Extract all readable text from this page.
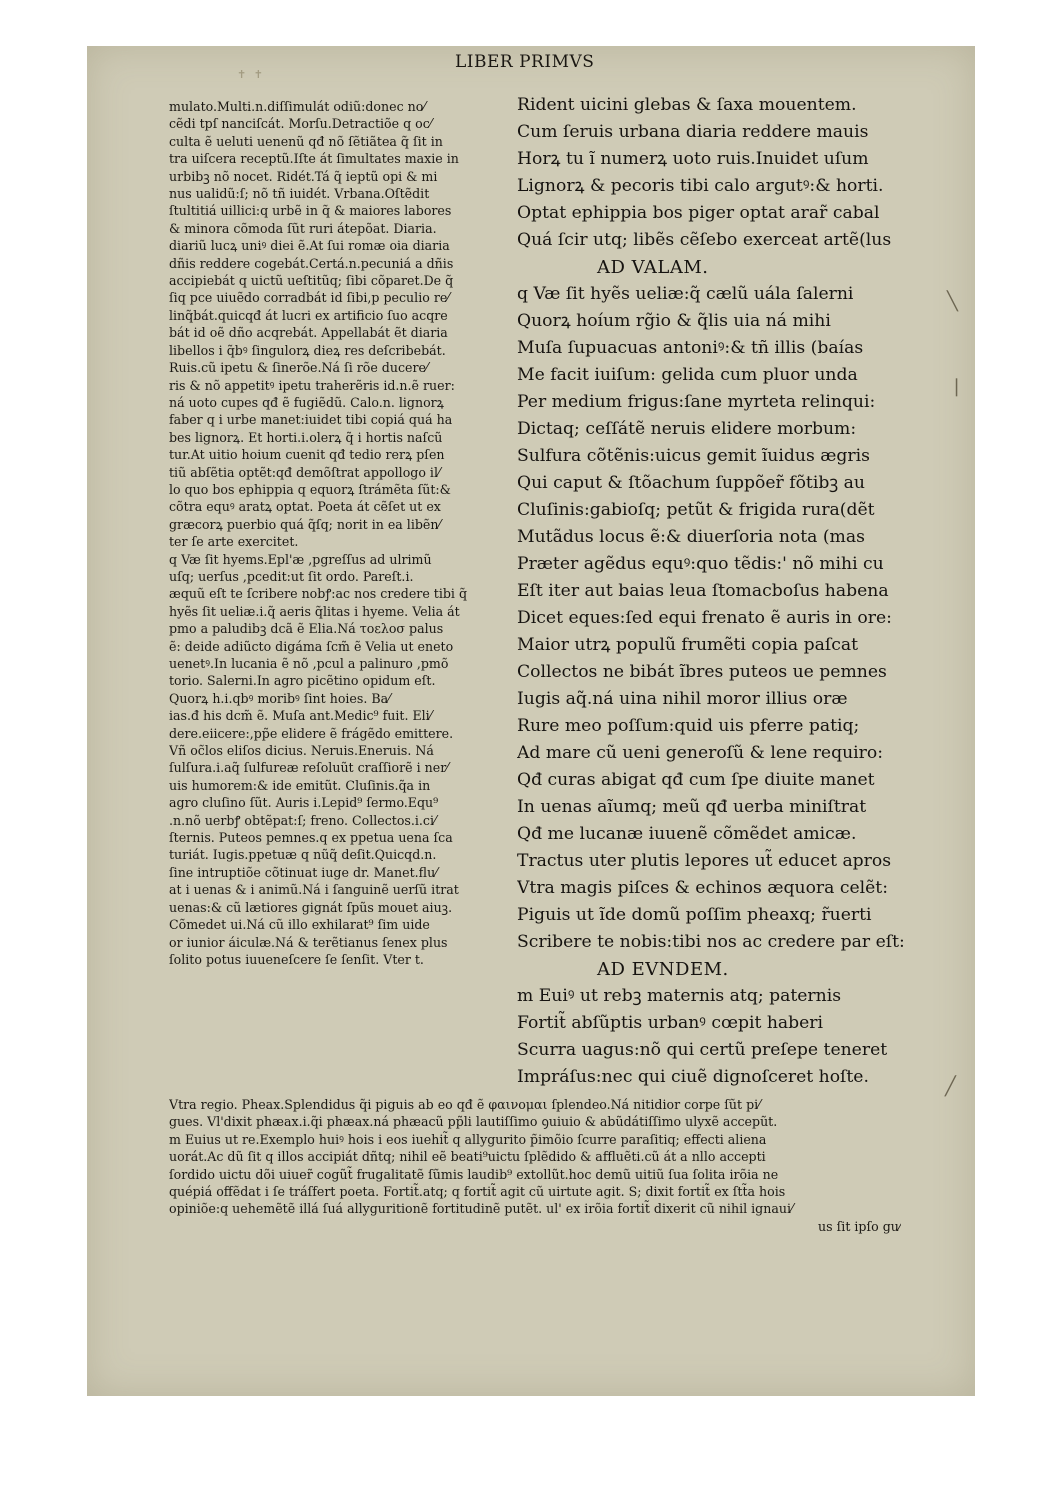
✝ ✝
LIBER PRIMVS
mulato.Multi.n.diſſimulát odiũ:donec no⁄
cẽdi tpſ nanciſcát. Morſu.Detractiõe q oc⁄
culta ẽ ueluti uenenũ qđ nõ ſẽtiãtea q̃ ſit in
tra uiſcera receptũ.Iſte át ſimultates maxie in
urbibꝫ nõ nocet. Ridét.Tá q̃ ieptũ opi & mi
nus ualidũ:ſ; nõ tñ iuidét. Vrbana.Oſtẽdit
ſtultitiá uillici:q urbẽ in q̃ & maiores labores
& minora cõmoda ſũt ruri átepõat. Diaria.
diariũ lucꝝ uniꝰ diei ẽ.At ſui romæ oia diaria
dñis reddere cogebát.Certá.n.pecuniá a dñis
accipiebát q uictũ ueſtitũq; ſibi cõparet.De q̃
ſiq pce uiuẽdo corradbát id ſibi,p peculio re⁄
linq̃bát.quicqđ át lucri ex artificio ſuo acqre
bát id oẽ dño acqrebát. Appellabát ẽt diaria
libellos i q̃bꝰ ſingulorꝝ dieꝝ res deſcribebát.
Ruis.cũ ipetu & ſinerõe.Ná ſi rõe ducere⁄
ris & nõ appetitꝰ ipetu traherẽris id.n.ẽ ruer:
ná uoto cupes qđ ẽ fugiẽdũ. Calo.n. lignorꝝ
faber q i urbe manet:iuidet tibi copiá quá ha
bes lignorꝝ. Et horti.i.olerꝝ q̃ i hortis naſcũ
tur.At uitio hoium cuenit qđ tedio rerꝝ pſen
tiũ abſẽtia optẽt:qđ demõſtrat appollogo il⁄
lo quo bos ephippia q equorꝝ ſtrámẽta ſũt:&
cõtra equꝰ aratꝝ optat. Poeta át cẽſet ut ex
græcorꝝ puerbio quá q̃ſq; norit in ea libẽn⁄
ter ſe arte exercitet.
q Væ ſit hyems.Epl'æ ,pgreſſus ad ulrimũ
uſq; uerſus ,pcedit:ut ſit ordo. Pareſt.i.
æquũ eſt te ſcribere nobꝭ:ac nos credere tibi q̃
hyẽs ſit ueliæ.i.q̃ aeris q̃litas i hyeme. Velia át
pmo a paludibꝫ dcã ẽ Elia.Ná τοελοσ palus
ẽ: deide adiũcto digáma ſcm̃ ẽ Velia ut eneto
uenetꝰ.In lucania ẽ nõ ,pcul a palinuro ,pmõ
torio. Salerni.In agro picẽtino opidum eſt.
Quorꝝ h.i.qbꝰ moribꝰ ſint hoies. Ba⁄
ias.đ his dcm̃ ẽ. Muſa ant.Medic⁹ fuit. Eli⁄
dere.eiicere:,pp̃e elidere ẽ frágẽdo emittere.
Vñ oc̃los eliſos dicius. Neruis.Eneruis. Ná
ſulſura.i.aq̃ ſulfureæ reſoluũt craſſiorẽ i ner⁄
uis humorem:& ide emitũt. Cluſinis.q̃a in
agro cluſino ſũt. Auris i.Lepid⁹ ſermo.Equ⁹
.n.nõ uerbꝭ obtẽpat:ſ; freno. Collectos.i.ci⁄
ſternis. Puteos pemnes.q ex ppetua uena ſca
turiát. Iugis.ppetuæ q nũq̃ deſit.Quicqd.n.
ſine intruptiõe cõtinuat iuge dr. Manet.flu⁄
at i uenas & i animũ.Ná i ſanguinẽ uerſũ itrat
uenas:& cũ lætiores gignát ſpũs mouet aiuꝫ.
Cõmedet ui.Ná cũ illo exhilarat⁹ ſim uide
or iunior áiculæ.Ná & terẽtianus ſenex plus
ſolito potus iuueneſcere ſe ſenſit. Vter t.
Rident uicini glebas & ſaxa mouentem.
Cum ſeruis urbana diaria reddere mauis
Horꝝ tu ĩ numerꝝ uoto ruis.Inuidet uſum
Lignorꝝ & pecoris tibi calo argutꝰ:& horti.
Optat ephippia bos piger optat arar̃ cabal
Quá ſcir utq; libẽs cẽſebo exerceat artẽ(lus
AD VALAM.
q Væ ſit hyẽs ueliæ:q̃ cælũ uála ſalerni
Quorꝝ hoíum rg̃io & q̃lis uia ná mihi
Muſa ſupuacuas antoniꝰ:& tñ illis (baías
Me facit iuiſum: gelida cum pluor unda
Per medium frigus:ſane myrteta relinqui:
Dictaq; ceſſátẽ neruis elidere morbum:
Sulfura cõtẽnis:uicus gemit ĩuidus ægris
Qui caput & ſtõachum ſuppõer̃ fõtibꝫ au
Cluſinis:gabioſq; petũt & frigida rura(dẽt
Mutãdus locus ẽ:& diuerſoria nota (mas
Præter agẽdus equꝰ:quo tẽdis:' nõ mihi cu
Eſt iter aut baias leua ſtomacboſus habena
Dicet eques:ſed equi frenato ẽ auris in ore:
Maior utrꝝ populũ frumẽti copia paſcat
Collectos ne bibát ĩbres puteos ue pemnes
Iugis aq̃.ná uina nihil moror illius oræ
Rure meo poſſum:quid uis pferre patiq;
Ad mare cũ ueni generoſũ & lene requiro:
Qđ curas abigat qđ cum ſpe diuite manet
In uenas aĩumq; meũ qđ uerba miniſtrat
Qđ me lucanæ iuuenẽ cõmẽdet amicæ.
Tractus uter plutis lepores ut̃ educet apros
Vtra magis piſces & echinos æquora celẽt:
Piguis ut ĩde domũ poſſim pheaxq; r̃uerti
Scribere te nobis:tibi nos ac credere par eſt:
AD EVNDEM.
m Euiꝰ ut rebꝫ maternis atq; paternis
Fortit̃ abſũptis urbanꝰ cœpit haberi
Scurra uagus:nõ qui certũ preſepe teneret
Impráſus:nec qui ciuẽ dignoſceret hoſte.
Vtra regio. Pheax.Splendidus q̃i piguis ab eo qđ ẽ φαινομαι ſplendeo.Ná nitidior corpe ſũt pi⁄
gues. Vl'dixit phæax.i.q̃i phæax.ná phæacũ pp̃li lautiſſimo ꝯuiuio & abũdátiſſimo ulyxẽ accepũt.
m Euius ut re.Exemplo huiꝰ hois i eos iuehit̃ q allygurito p̃imõio ſcurre paraſitiq; effecti aliena
uorát.Ac dũ ſit q illos accipiát dñtq; nihil eẽ beati⁹uictu ſplẽdido & affluẽti.cũ át a nllo accepti
ſordido uictu dõi uiuer̃ cogũt̃ frugalitatẽ ſũmis laudib⁹ extollũt.hoc demũ uitiũ ſua ſolita irõia ne
quépiá offẽdat i ſe tráſfert poeta. Fortit̃.atq; q fortit̃ agit cũ uirtute agit. S; dixit fortit̃ ex ſtt̃a hois
opiniõe:q uehemẽtẽ illá ſuá allyguritionẽ fortitudinẽ putẽt. ul' ex irõia fortit̃ dixerit cũ nihil ignaui⁄
us ſit ipſo gu⁄
╲
❘
╱
